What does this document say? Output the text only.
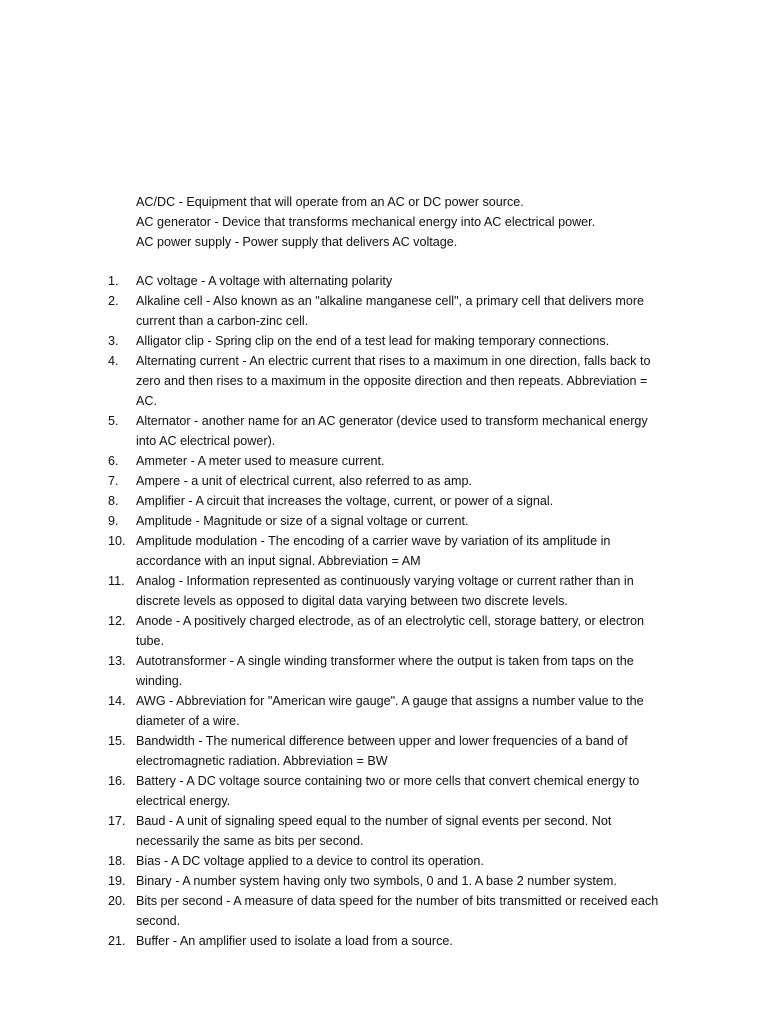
AC/DC - Equipment that will operate from an AC or DC power source.
AC generator - Device that transforms mechanical energy into AC electrical power.
AC power supply - Power supply that delivers AC voltage.
1.	AC voltage - A voltage with alternating polarity
2.	Alkaline cell - Also known as an "alkaline manganese cell", a primary cell that delivers more current than a carbon-zinc cell.
3.	Alligator clip - Spring clip on the end of a test lead for making temporary connections.
4.	Alternating current - An electric current that rises to a maximum in one direction, falls back to zero and then rises to a maximum in the opposite direction and then repeats. Abbreviation = AC.
5.	Alternator - another name for an AC generator (device used to transform mechanical energy into AC electrical power).
6.	Ammeter - A meter used to measure current.
7.	Ampere - a unit of electrical current, also referred to as amp.
8.	Amplifier - A circuit that increases the voltage, current, or power of a signal.
9.	Amplitude - Magnitude or size of a signal voltage or current.
10. Amplitude modulation - The encoding of a carrier wave by variation of its amplitude in accordance with an input signal. Abbreviation = AM
11. Analog - Information represented as continuously varying voltage or current rather than in discrete levels as opposed to digital data varying between two discrete levels.
12. Anode - A positively charged electrode, as of an electrolytic cell, storage battery, or electron tube.
13. Autotransformer - A single winding transformer where the output is taken from taps on the winding.
14. AWG - Abbreviation for "American wire gauge". A gauge that assigns a number value to the diameter of a wire.
15. Bandwidth - The numerical difference between upper and lower frequencies of a band of electromagnetic radiation. Abbreviation = BW
16. Battery - A DC voltage source containing two or more cells that convert chemical energy to electrical energy.
17. Baud - A unit of signaling speed equal to the number of signal events per second. Not necessarily the same as bits per second.
18. Bias - A DC voltage applied to a device to control its operation.
19. Binary - A number system having only two symbols, 0 and 1. A base 2 number system.
20. Bits per second - A measure of data speed for the number of bits transmitted or received each second.
21. Buffer - An amplifier used to isolate a load from a source.
